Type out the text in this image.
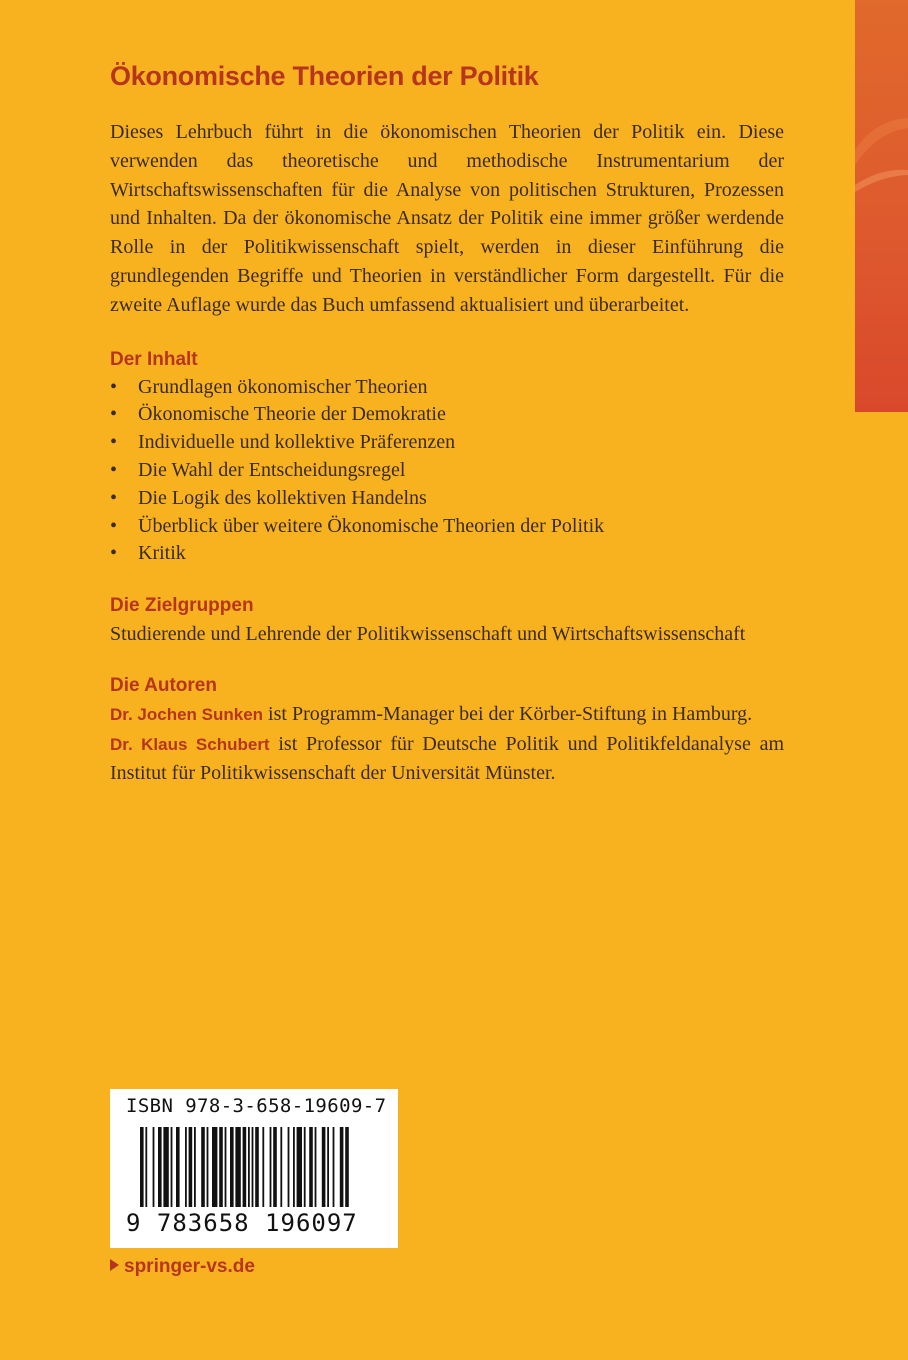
Ökonomische Theorien der Politik

Dieses Lehrbuch führt in die ökonomischen Theorien der Politik ein. Diese verwenden das theoretische und methodische Instrumentarium der Wirtschaftswissenschaften für die Analyse von politischen Strukturen, Prozessen und Inhalten. Da der ökonomische Ansatz der Politik eine immer größer werdende Rolle in der Politikwissenschaft spielt, werden in dieser Einführung die grundlegenden Begriffe und Theorien in verständlicher Form dargestellt. Für die zweite Auflage wurde das Buch umfassend aktualisiert und überarbeitet.

Der Inhalt
• Grundlagen ökonomischer Theorien
• Ökonomische Theorie der Demokratie
• Individuelle und kollektive Präferenzen
• Die Wahl der Entscheidungsregel
• Die Logik des kollektiven Handelns
• Überblick über weitere Ökonomische Theorien der Politik
• Kritik
Die Zielgruppen

Studierende und Lehrende der Politikwissenschaft und Wirtschaftswissenschaft

Die Autoren

Dr. Jochen Sunken ist Programm-Manager bei der Körber-Stiftung in Hamburg.

Dr. Klaus Schubert ist Professor für Deutsche Politik und Politikfeldanalyse am Institut für Politikwissenschaft der Universität Münster.

ISBN 978-3-658-19609-7
9 783658 196097
springer-vs.de
